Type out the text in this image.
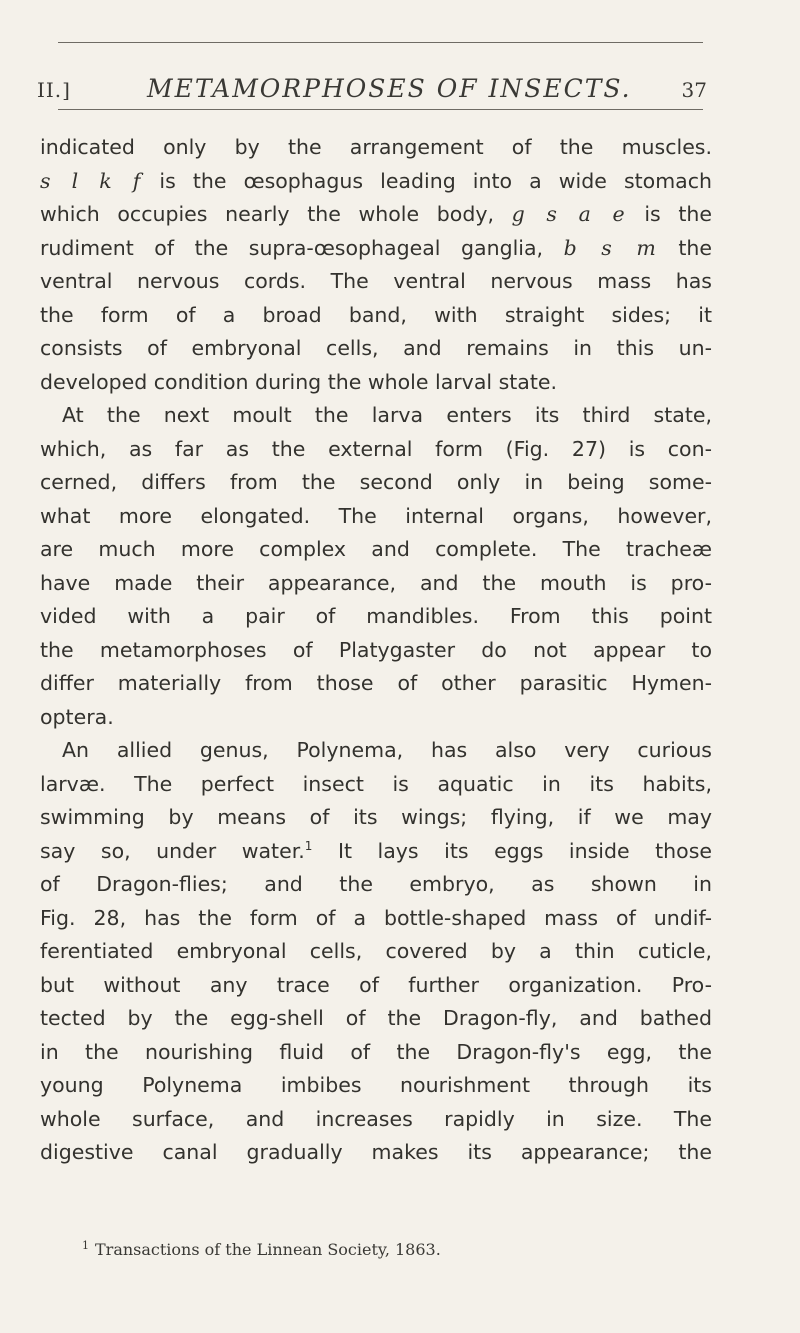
II.]	METAMORPHOSES OF INSECTS. 37
indicated only by the arrangement of the muscles.
s l k f is the œsophagus leading into a wide stomach
which occupies nearly the whole body, g s a e is the
rudiment of the supra-œsophageal ganglia, b s m the
ventral nervous cords. The ventral nervous mass has
the form of a broad band, with straight sides; it
consists of embryonal cells, and remains in this un-
developed condition during the whole larval state.
At the next moult the larva enters its third state,
which, as far as the external form (Fig. 27) is con-
cerned, differs from the second only in being some-
what more elongated. The internal organs, however,
are much more complex and complete. The tracheæ
have made their appearance, and the mouth is pro-
vided with a pair of mandibles. From this point
the metamorphoses of Platygaster do not appear to
differ materially from those of other parasitic Hymen-
optera.
An allied genus, Polynema, has also very curious
larvæ. The perfect insect is aquatic in its habits,
swimming by means of its wings; flying, if we may
say so, under water.$^1$ It lays its eggs inside those
of Dragon-flies; and the embryo, as shown in
Fig. 28, has the form of a bottle-shaped mass of undif-
ferentiated embryonal cells, covered by a thin cuticle,
but without any trace of further organization. Pro-
tected by the egg-shell of the Dragon-fly, and bathed
in the nourishing fluid of the Dragon-fly's egg, the
young Polynema imbibes nourishment through its
whole surface, and increases rapidly in size. The
digestive canal gradually makes its appearance; the
$^1$ Transactions of the Linnean Society, 1863.
